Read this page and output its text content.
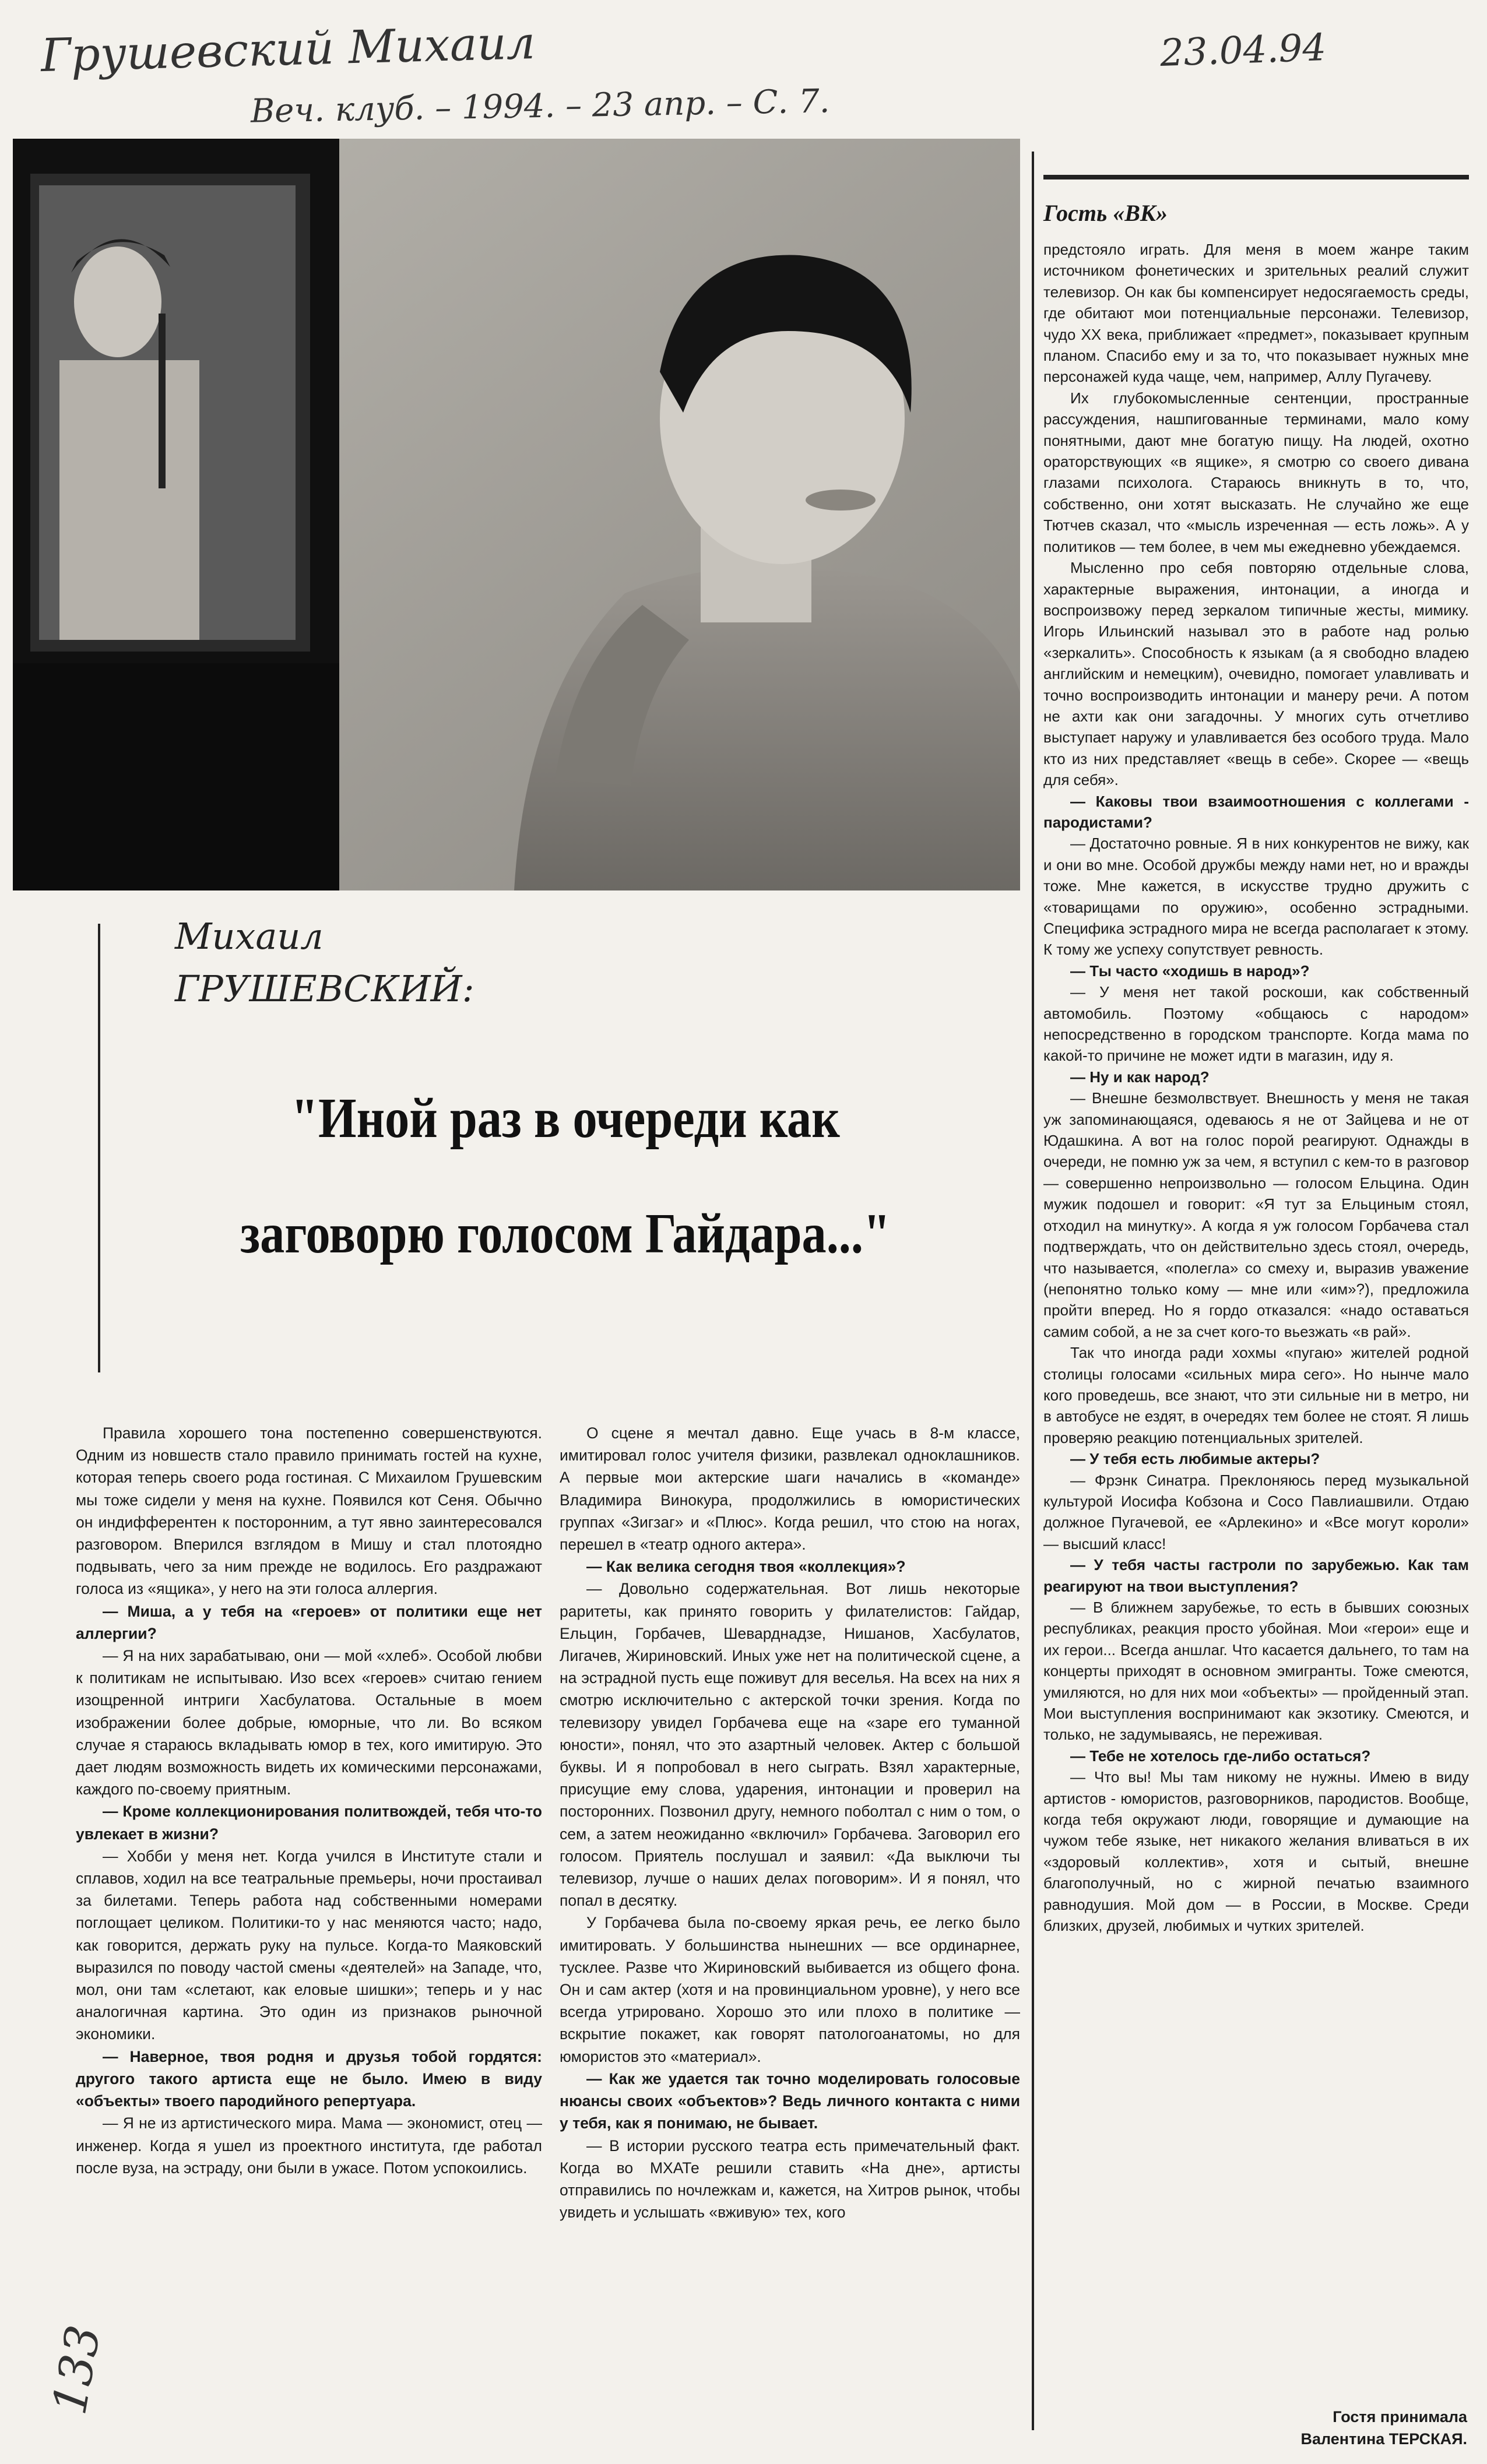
Грушевский Михаил	23.04.94
Веч. клуб. – 1994. – 23 апр. – С. 7.
133
Михаил
ГРУШЕВСКИЙ:
"Иной раз в очереди как
заговорю голосом Гайдара..."
Гость «ВК»

Правила хорошего тона постепенно совершенствуются. Одним из новшеств стало правило принимать гостей на кухне, которая теперь своего рода гостиная. С Михаилом Грушевским мы тоже сидели у меня на кухне. Появился кот Сеня. Обычно он индифферентен к посторонним, а тут явно заинтересовался разговором. Вперился взглядом в Мишу и стал плотоядно подвывать, чего за ним прежде не водилось. Его раздражают голоса из «ящика», у него на эти голоса аллергия.

— Миша, а у тебя на «героев» от политики еще нет аллергии?

— Я на них зарабатываю, они — мой «хлеб». Особой любви к политикам не испытываю. Изо всех «героев» считаю гением изощренной интриги Хасбулатова. Остальные в моем изображении более добрые, юморные, что ли. Во всяком случае я стараюсь вкладывать юмор в тех, кого имитирую. Это дает людям возможность видеть их комическими персонажами, каждого по-своему приятным.

— Кроме коллекционирования политвождей, тебя что-то увлекает в жизни?

— Хобби у меня нет. Когда учился в Институте стали и сплавов, ходил на все театральные премьеры, ночи простаивал за билетами. Теперь работа над собственными номерами поглощает целиком. Политики-то у нас меняются часто; надо, как говорится, держать руку на пульсе. Когда-то Маяковский выразился по поводу частой смены «деятелей» на Западе, что, мол, они там «слетают, как еловые шишки»; теперь и у нас аналогичная картина. Это один из признаков рыночной экономики.

— Наверное, твоя родня и друзья тобой гордятся: другого такого артиста еще не было. Имею в виду «объекты» твоего пародийного репертуара.

— Я не из артистического мира. Мама — экономист, отец — инженер. Когда я ушел из проектного института, где работал после вуза, на эстраду, они были в ужасе. Потом успокоились.

О сцене я мечтал давно. Еще учась в 8-м классе, имитировал голос учителя физики, развлекал одноклашников. А первые мои актерские шаги начались в «команде» Владимира Винокура, продолжились в юмористических группах «Зигзаг» и «Плюс». Когда решил, что стою на ногах, перешел в «театр одного актера».

— Как велика сегодня твоя «коллекция»?

— Довольно содержательная. Вот лишь некоторые раритеты, как принято говорить у филателистов: Гайдар, Ельцин, Горбачев, Шеварднадзе, Нишанов, Хасбулатов, Лигачев, Жириновский. Иных уже нет на политической сцене, а на эстрадной пусть еще поживут для веселья. На всех на них я смотрю исключительно с актерской точки зрения. Когда по телевизору увидел Горбачева еще на «заре его туманной юности», понял, что это азартный человек. Актер с большой буквы. И я попробовал в него сыграть. Взял характерные, присущие ему слова, ударения, интонации и проверил на посторонних. Позвонил другу, немного поболтал с ним о том, о сем, а затем неожиданно «включил» Горбачева. Заговорил его голосом. Приятель послушал и заявил: «Да выключи ты телевизор, лучше о наших делах поговорим». И я понял, что попал в десятку.

У Горбачева была по-своему яркая речь, ее легко было имитировать. У большинства нынешних — все ординарнее, тусклее. Разве что Жириновский выбивается из общего фона. Он и сам актер (хотя и на провинциальном уровне), у него все всегда утрировано. Хорошо это или плохо в политике — вскрытие покажет, как говорят патологоанатомы, но для юмористов это «материал».

— Как же удается так точно моделировать голосовые нюансы своих «объектов»? Ведь личного контакта с ними у тебя, как я понимаю, не бывает.

— В истории русского театра есть примечательный факт. Когда во МХАТе решили ставить «На дне», артисты отправились по ночлежкам и, кажется, на Хитров рынок, чтобы увидеть и услышать «вживую» тех, кого

предстояло играть. Для меня в моем жанре таким источником фонетических и зрительных реалий служит телевизор. Он как бы компенсирует недосягаемость среды, где обитают мои потенциальные персонажи. Телевизор, чудо XX века, приближает «предмет», показывает крупным планом. Спасибо ему и за то, что показывает нужных мне персонажей куда чаще, чем, например, Аллу Пугачеву.

Их глубокомысленные сентенции, пространные рассуждения, нашпигованные терминами, мало кому понятными, дают мне богатую пищу. На людей, охотно ораторствующих «в ящике», я смотрю со своего дивана глазами психолога. Стараюсь вникнуть в то, что, собственно, они хотят высказать. Не случайно же еще Тютчев сказал, что «мысль изреченная — есть ложь». А у политиков — тем более, в чем мы ежедневно убеждаемся.

Мысленно про себя повторяю отдельные слова, характерные выражения, интонации, а иногда и воспроизвожу перед зеркалом типичные жесты, мимику. Игорь Ильинский называл это в работе над ролью «зеркалить». Способность к языкам (а я свободно владею английским и немецким), очевидно, помогает улавливать и точно воспроизводить интонации и манеру речи. А потом не ахти как они загадочны. У многих суть отчетливо выступает наружу и улавливается без особого труда. Мало кто из них представляет «вещь в себе». Скорее — «вещь для себя».

— Каковы твои взаимоотношения с коллегами - пародистами?

— Достаточно ровные. Я в них конкурентов не вижу, как и они во мне. Особой дружбы между нами нет, но и вражды тоже. Мне кажется, в искусстве трудно дружить с «товарищами по оружию», особенно эстрадными. Специфика эстрадного мира не всегда располагает к этому. К тому же успеху сопутствует ревность.

— Ты часто «ходишь в народ»?

— У меня нет такой роскоши, как собственный автомобиль. Поэтому «общаюсь с народом» непосредственно в городском транспорте. Когда мама по какой-то причине не может идти в магазин, иду я.

— Ну и как народ?

— Внешне безмолвствует. Внешность у меня не такая уж запоминающаяся, одеваюсь я не от Зайцева и не от Юдашкина. А вот на голос порой реагируют. Однажды в очереди, не помню уж за чем, я вступил с кем-то в разговор — совершенно непроизвольно — голосом Ельцина. Один мужик подошел и говорит: «Я тут за Ельциным стоял, отходил на минутку». А когда я уж голосом Горбачева стал подтверждать, что он действительно здесь стоял, очередь, что называется, «полегла» со смеху и, выразив уважение (непонятно только кому — мне или «им»?), предложила пройти вперед. Но я гордо отказался: «надо оставаться самим собой, а не за счет кого-то вьезжать «в рай».

Так что иногда ради хохмы «пугаю» жителей родной столицы голосами «сильных мира сего». Но нынче мало кого проведешь, все знают, что эти сильные ни в метро, ни в автобусе не ездят, в очередях тем более не стоят. Я лишь проверяю реакцию потенциальных зрителей.

— У тебя есть любимые актеры?

— Фрэнк Синатра. Преклоняюсь перед музыкальной культурой Иосифа Кобзона и Сосо Павлиашвили. Отдаю должное Пугачевой, ее «Арлекино» и «Все могут короли» — высший класс!

— У тебя часты гастроли по зарубежью. Как там реагируют на твои выступления?

— В ближнем зарубежье, то есть в бывших союзных республиках, реакция просто убойная. Мои «герои» еще и их герои... Всегда аншлаг. Что касается дальнего, то там на концерты приходят в основном эмигранты. Тоже смеются, умиляются, но для них мои «объекты» — пройденный этап. Мои выступления воспринимают как экзотику. Смеются, и только, не задумываясь, не переживая.

— Тебе не хотелось где-либо остаться?

— Что вы! Мы там никому не нужны. Имею в виду артистов - юмористов, разговорников, пародистов. Вообще, когда тебя окружают люди, говорящие и думающие на чужом тебе языке, нет никакого желания вливаться в их «здоровый коллектив», хотя и сытый, внешне благополучный, но с жирной печатью взаимного равнодушия. Мой дом — в России, в Москве. Среди близких, друзей, любимых и чутких зрителей.

Гостя принимала
Валентина ТЕРСКАЯ.
